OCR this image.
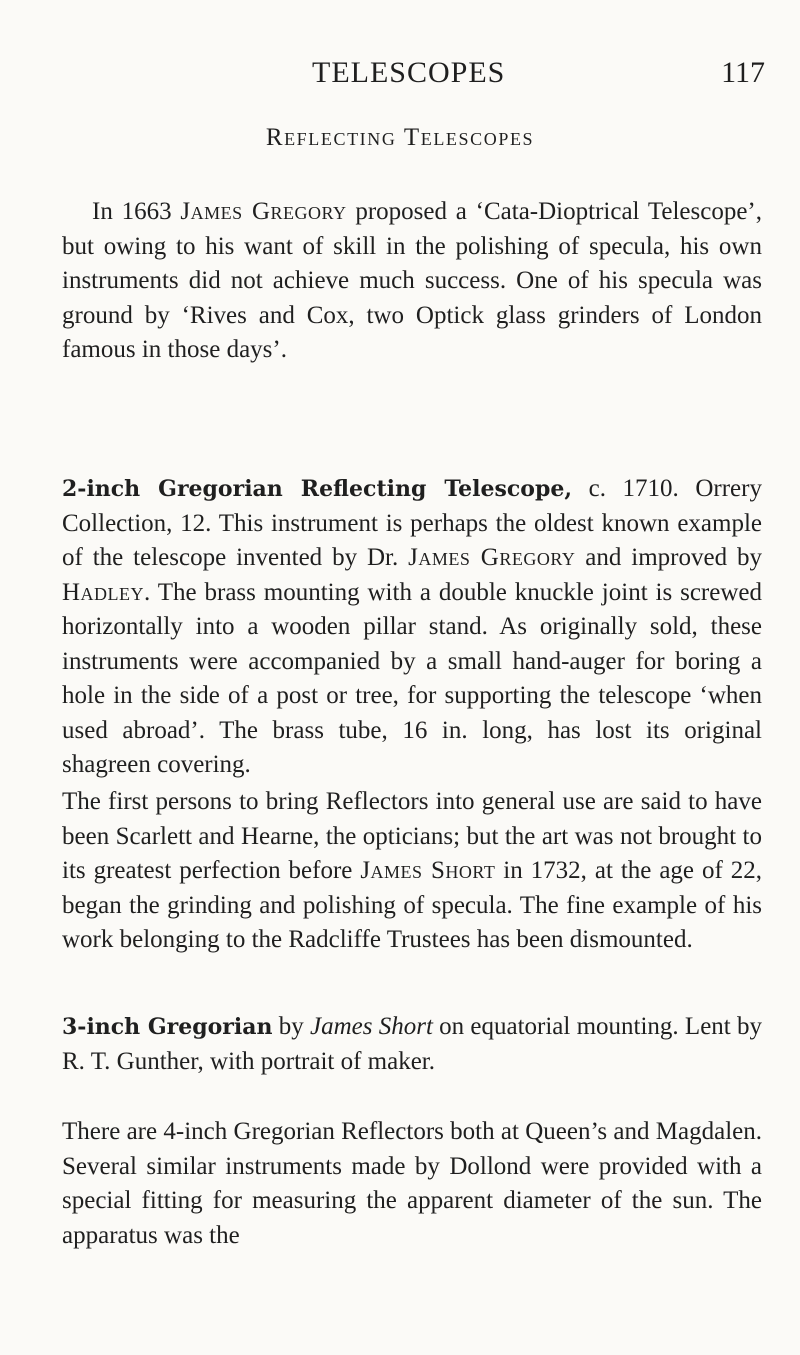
TELESCOPES	117
Reflecting Telescopes

In 1663 James Gregory proposed a ‘Cata-Dioptrical Telescope’, but owing to his want of skill in the polishing of specula, his own instruments did not achieve much success. One of his specula was ground by ‘Rives and Cox, two Optick glass grinders of London famous in those days’.

2-inch Gregorian Reflecting Telescope, c. 1710. Orrery Collection, 12. This instrument is perhaps the oldest known example of the telescope invented by Dr. James Gregory and improved by Hadley. The brass mounting with a double knuckle joint is screwed horizontally into a wooden pillar stand. As originally sold, these instruments were accompanied by a small hand-auger for boring a hole in the side of a post or tree, for supporting the telescope ‘when used abroad’. The brass tube, 16 in. long, has lost its original shagreen covering.

The first persons to bring Reflectors into general use are said to have been Scarlett and Hearne, the opticians; but the art was not brought to its greatest perfection before James Short in 1732, at the age of 22, began the grinding and polishing of specula. The fine example of his work belonging to the Radcliffe Trustees has been dismounted.

3-inch Gregorian by James Short on equatorial mounting. Lent by R. T. Gunther, with portrait of maker.

There are 4-inch Gregorian Reflectors both at Queen’s and Magdalen. Several similar instruments made by Dollond were provided with a special fitting for measuring the apparent diameter of the sun. The apparatus was the
